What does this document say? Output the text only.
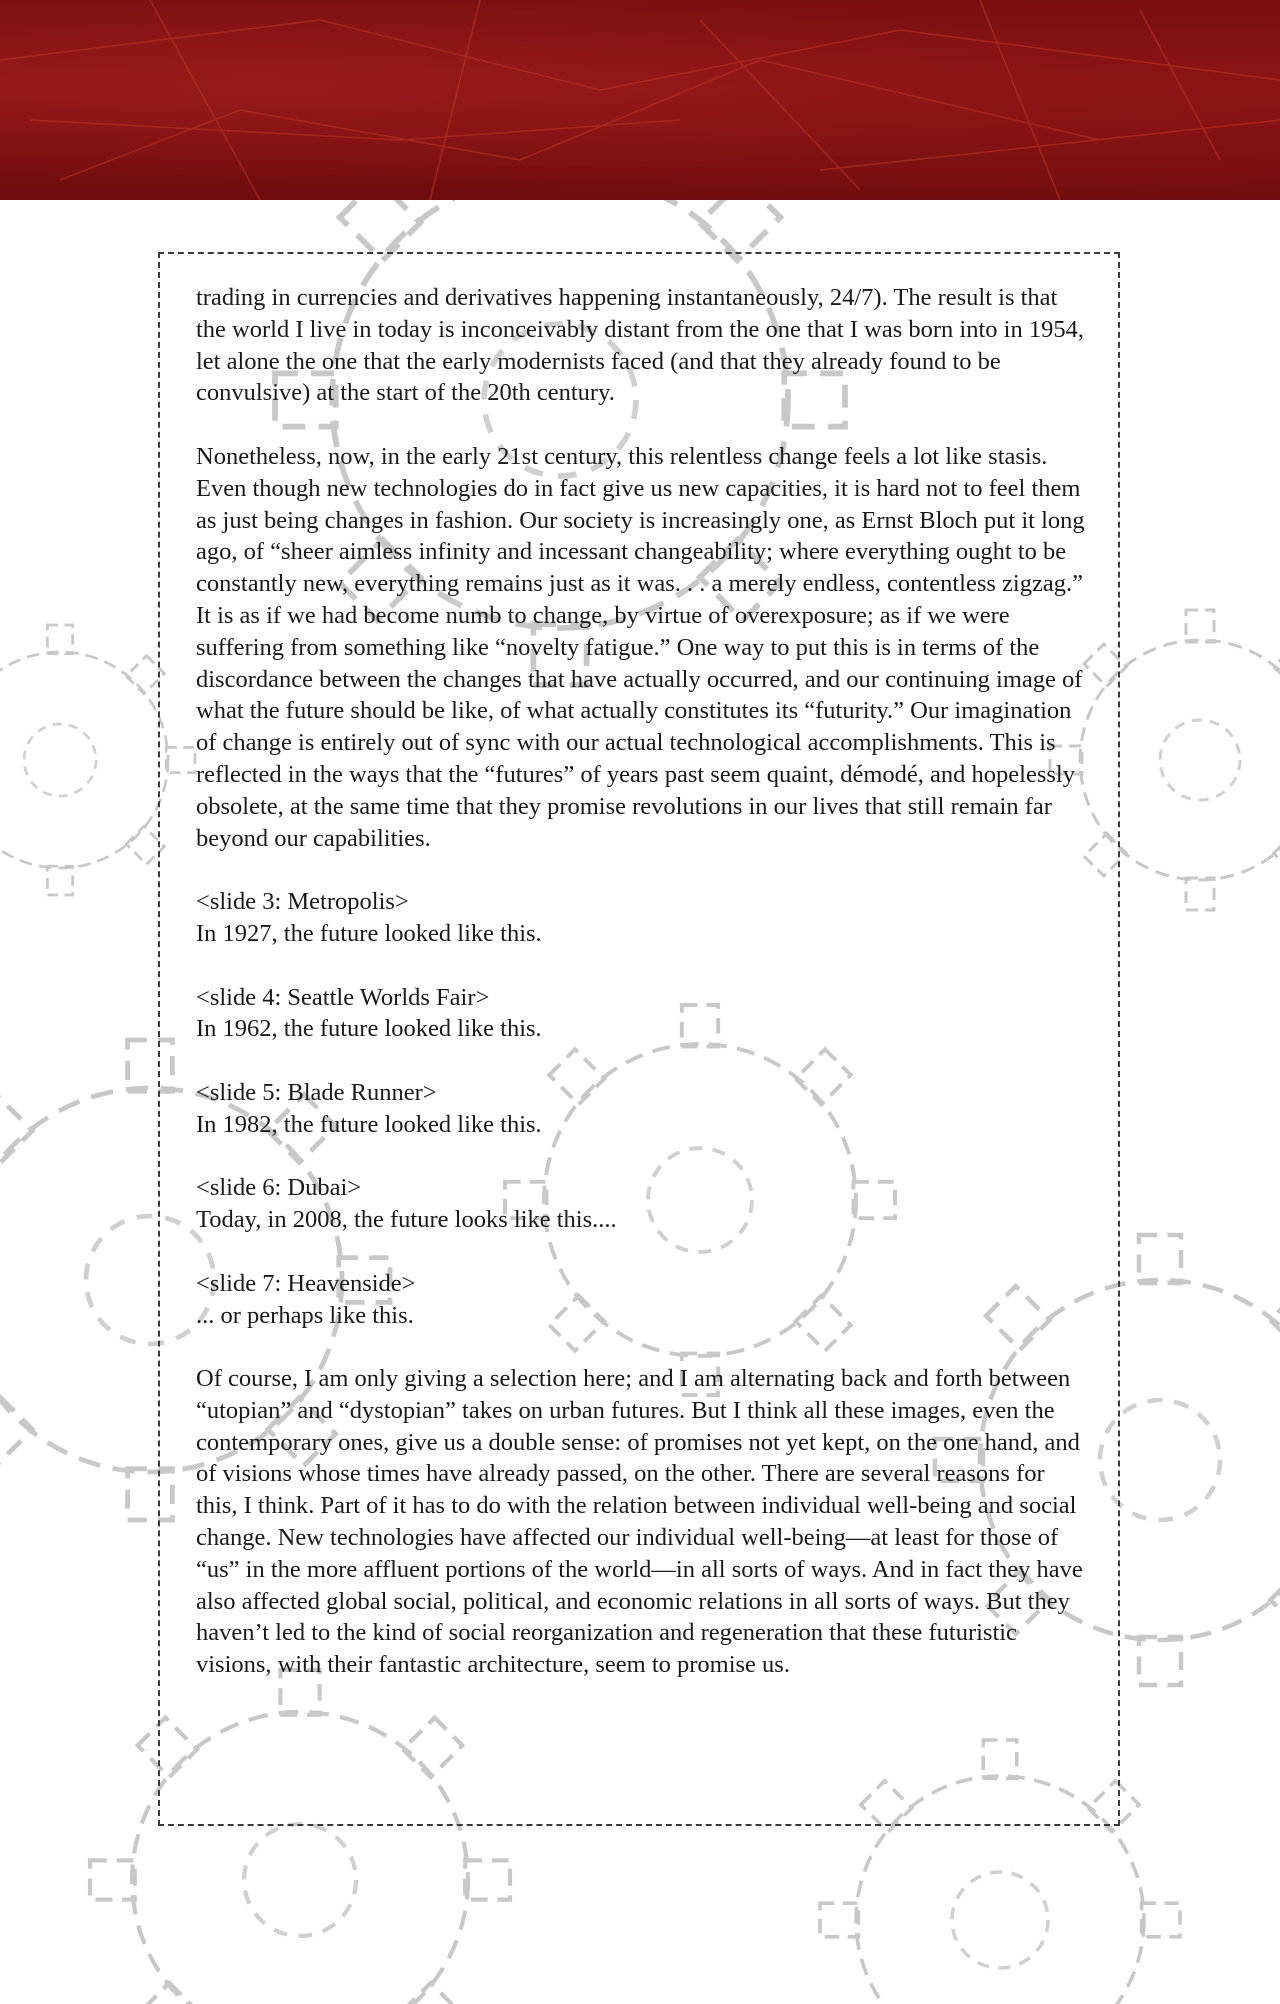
trading in currencies and derivatives happening instantaneously, 24/7). The result is that the world I live in today is inconceivably distant from the one that I was born into in 1954, let alone the one that the early modernists faced (and that they already found to be convulsive) at the start of the 20th century.

Nonetheless, now, in the early 21st century, this relentless change feels a lot like stasis. Even though new technologies do in fact give us new capacities, it is hard not to feel them as just being changes in fashion. Our society is increasingly one, as Ernst Bloch put it long ago, of “sheer aimless infinity and incessant changeability; where everything ought to be constantly new, everything remains just as it was. . . a merely endless, contentless zigzag.” It is as if we had become numb to change, by virtue of overexposure; as if we were suffering from something like “novelty fatigue.” One way to put this is in terms of the discordance between the changes that have actually occurred, and our continuing image of what the future should be like, of what actually constitutes its “futurity.” Our imagination of change is entirely out of sync with our actual technological accomplishments. This is reflected in the ways that the “futures” of years past seem quaint, démodé, and hopelessly obsolete, at the same time that they promise revolutions in our lives that still remain far beyond our capabilities.

<slide 3: Metropolis>
In 1927, the future looked like this.
<slide 4: Seattle Worlds Fair>
In 1962, the future looked like this.
<slide 5: Blade Runner>
In 1982, the future looked like this.
<slide 6: Dubai>
Today, in 2008, the future looks like this....
<slide 7: Heavenside>
... or perhaps like this.

Of course, I am only giving a selection here; and I am alternating back and forth between “utopian” and “dystopian” takes on urban futures. But I think all these images, even the contemporary ones, give us a double sense: of promises not yet kept, on the one hand, and of visions whose times have already passed, on the other. There are several reasons for this, I think. Part of it has to do with the relation between individual well-being and social change. New technologies have affected our individual well-being—at least for those of “us” in the more affluent portions of the world—in all sorts of ways. And in fact they have also affected global social, political, and economic relations in all sorts of ways. But they haven’t led to the kind of social reorganization and regeneration that these futuristic visions, with their fantastic architecture, seem to promise us.
